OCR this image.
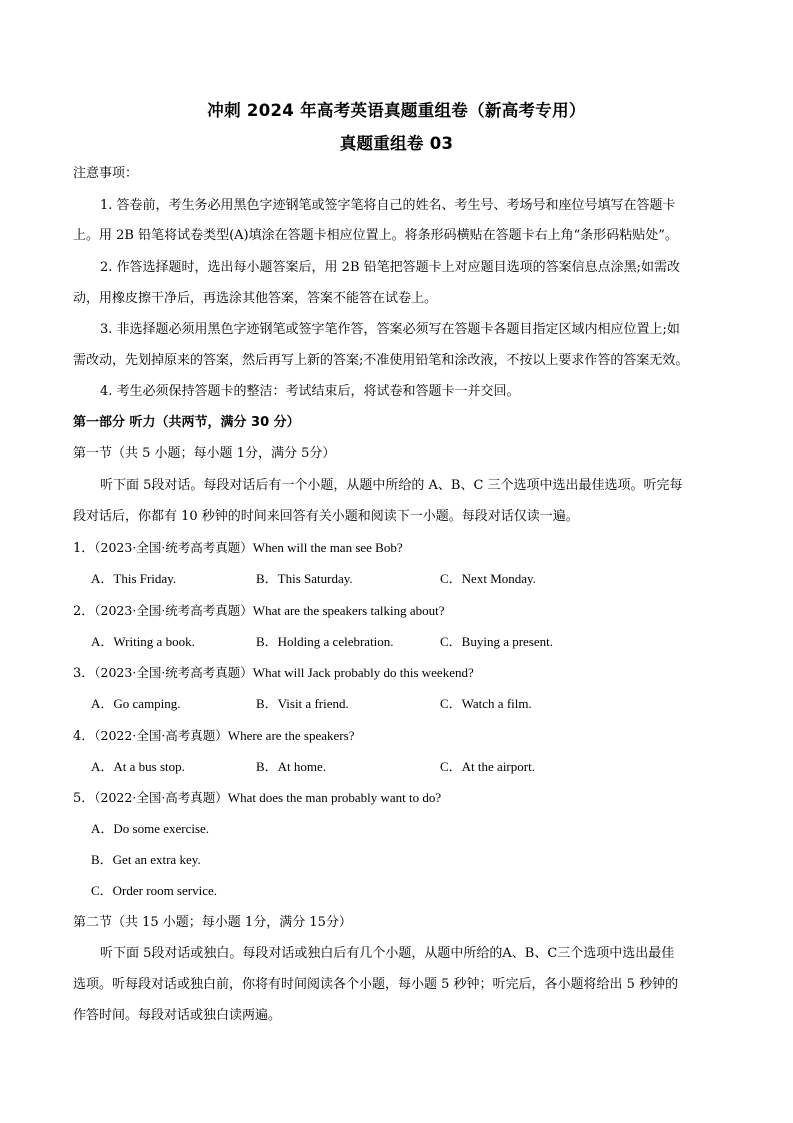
冲刺 2024 年高考英语真题重组卷（新高考专用）
真题重组卷 03
注意事项：
1. 答卷前，考生务必用黑色字迹钢笔或签字笔将自己的姓名、考生号、考场号和座位号填写在答题卡
上。用 2B 铅笔将试卷类型(A)填涂在答题卡相应位置上。将条形码横贴在答题卡右上角“条形码粘贴处”。
2. 作答选择题时，选出每小题答案后，用 2B 铅笔把答题卡上对应题目选项的答案信息点涂黑;如需改
动，用橡皮擦干净后，再选涂其他答案，答案不能答在试卷上。
3. 非选择题必须用黑色字迹钢笔或签字笔作答，答案必须写在答题卡各题目指定区域内相应位置上;如
需改动，先划掉原来的答案，然后再写上新的答案;不准使用铅笔和涂改液，不按以上要求作答的答案无效。
4. 考生必须保持答题卡的整洁：考试结束后，将试卷和答题卡一并交回。
第一部分 听力（共两节，满分 30 分）
第一节（共 5 小题；每小题 1分，满分 5分）
听下面 5段对话。每段对话后有一个小题，从题中所给的 A、B、C 三个选项中选出最佳选项。听完每
段对话后，你都有 10 秒钟的时间来回答有关小题和阅读下一小题。每段对话仅读一遍。
1．（2023·全国·统考高考真题）When will the man see Bob?
A．This Friday.	B．This Saturday.	C．Next Monday.
2．（2023·全国·统考高考真题）What are the speakers talking about?
A．Writing a book.	B．Holding a celebration.	C．Buying a present.
3．（2023·全国·统考高考真题）What will Jack probably do this weekend?
A．Go camping.	B．Visit a friend.	C．Watch a film.
4．（2022·全国·高考真题）Where are the speakers?
A．At a bus stop.	B．At home.	C．At the airport.
5．（2022·全国·高考真题）What does the man probably want to do?
A．Do some exercise.
B．Get an extra key.
C．Order room service.
第二节（共 15 小题；每小题 1分，满分 15分）
听下面 5段对话或独白。每段对话或独白后有几个小题，从题中所给的A、B、C三个选项中选出最佳
选项。听每段对话或独白前，你将有时间阅读各个小题，每小题 5 秒钟；听完后，各小题将给出 5 秒钟的
作答时间。每段对话或独白读两遍。
